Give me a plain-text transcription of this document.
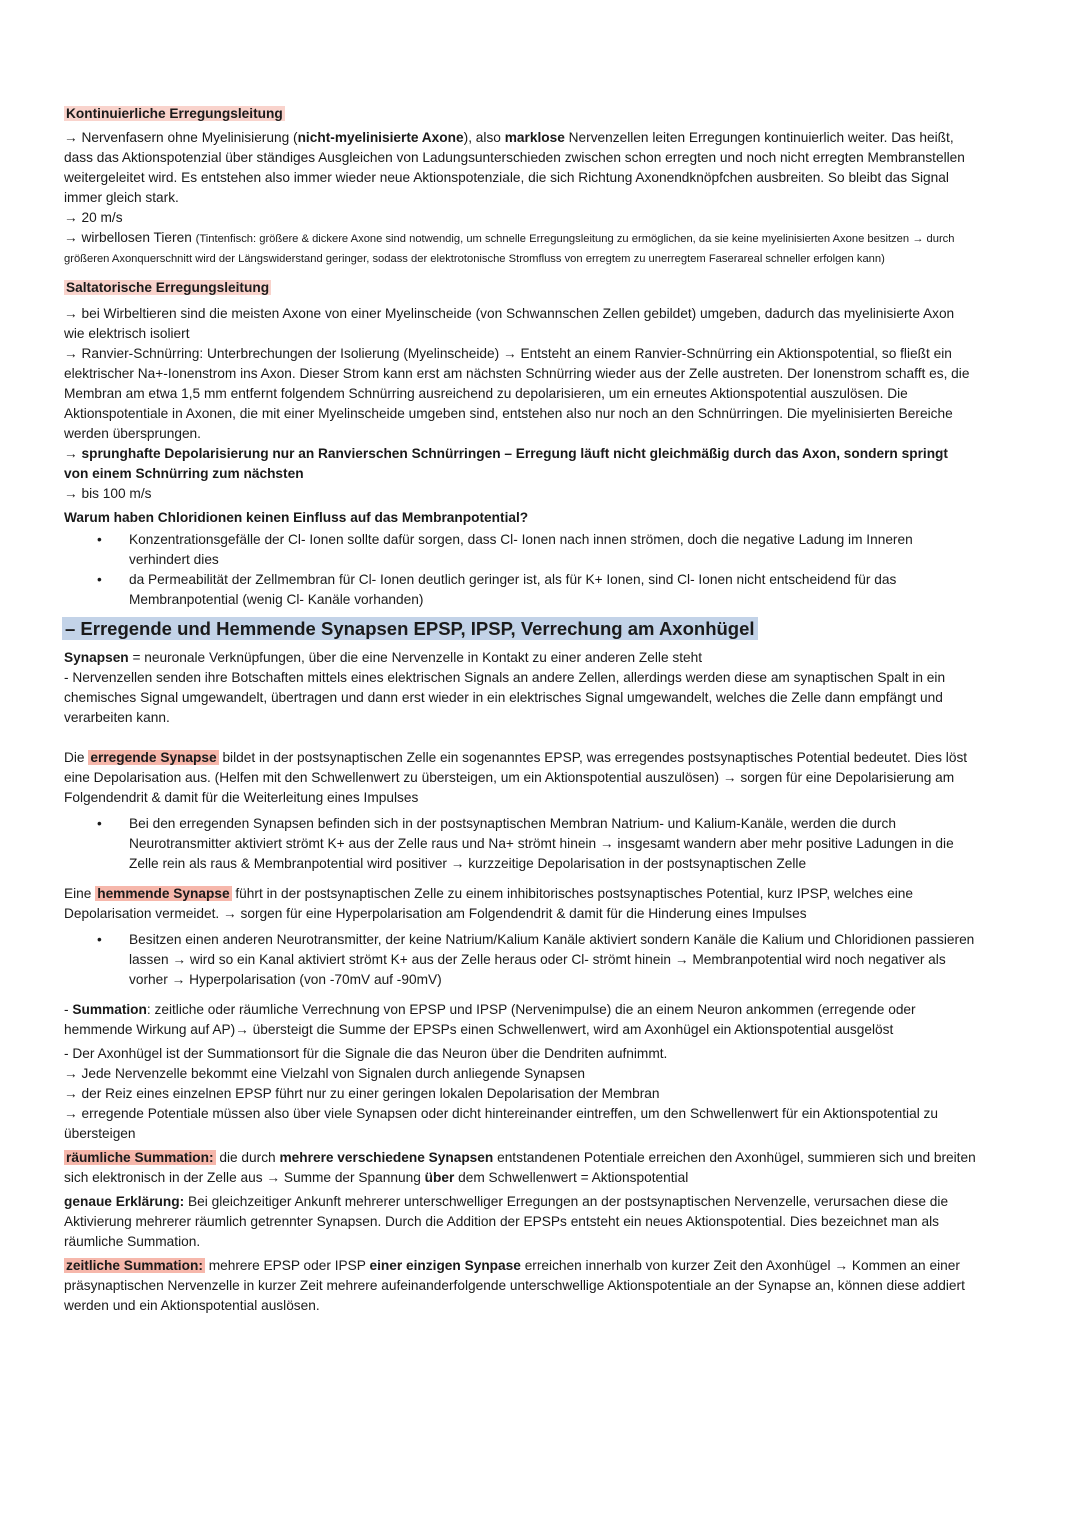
Kontinuierliche Erregungsleitung

→ Nervenfasern ohne Myelinisierung (nicht-myelinisierte Axone), also marklose Nervenzellen leiten Erregungen kontinuierlich weiter. Das heißt, dass das Aktionspotenzial über ständiges Ausgleichen von Ladungsunterschieden zwischen schon erregten und noch nicht erregten Membranstellen weitergeleitet wird. Es entstehen also immer wieder neue Aktionspotenziale, die sich Richtung Axonendknöpfchen ausbreiten. So bleibt das Signal immer gleich stark.

→ 20 m/s

→ wirbellosen Tieren (Tintenfisch: größere & dickere Axone sind notwendig, um schnelle Erregungsleitung zu ermöglichen, da sie keine myelinisierten Axone besitzen → durch größeren Axonquerschnitt wird der Längswiderstand geringer, sodass der elektrotonische Stromfluss von erregtem zu unerregtem Faserareal schneller erfolgen kann)

Saltatorische Erregungsleitung

→ bei Wirbeltieren sind die meisten Axone von einer Myelinscheide (von Schwannschen Zellen gebildet) umgeben, dadurch das myelinisierte Axon wie elektrisch isoliert

→ Ranvier-Schnürring: Unterbrechungen der Isolierung (Myelinscheide) → Entsteht an einem Ranvier-Schnürring ein Aktionspotential, so fließt ein elektrischer Na+-Ionenstrom ins Axon. Dieser Strom kann erst am nächsten Schnürring wieder aus der Zelle austreten. Der Ionenstrom schafft es, die Membran am etwa 1,5 mm entfernt folgendem Schnürring ausreichend zu depolarisieren, um ein erneutes Aktionspotential auszulösen. Die Aktionspotentiale in Axonen, die mit einer Myelinscheide umgeben sind, entstehen also nur noch an den Schnürringen. Die myelinisierten Bereiche werden übersprungen.

→ sprunghafte Depolarisierung nur an Ranvierschen Schnürringen – Erregung läuft nicht gleichmäßig durch das Axon, sondern springt von einem Schnürring zum nächsten

→ bis 100 m/s

Warum haben Chloridionen keinen Einfluss auf das Membranpotential?

• Konzentrationsgefälle der Cl- Ionen sollte dafür sorgen, dass Cl- Ionen nach innen strömen, doch die negative Ladung im Inneren verhindert dies
• da Permeabilität der Zellmembran für Cl- Ionen deutlich geringer ist, als für K+ Ionen, sind Cl- Ionen nicht entscheidend für das Membranpotential (wenig Cl- Kanäle vorhanden)

– Erregende und Hemmende Synapsen EPSP, IPSP, Verrechung am Axonhügel

Synapsen = neuronale Verknüpfungen, über die eine Nervenzelle in Kontakt zu einer anderen Zelle steht

- Nervenzellen senden ihre Botschaften mittels eines elektrischen Signals an andere Zellen, allerdings werden diese am synaptischen Spalt in ein chemisches Signal umgewandelt, übertragen und dann erst wieder in ein elektrisches Signal umgewandelt, welches die Zelle dann empfängt und verarbeiten kann.

Die erregende Synapse bildet in der postsynaptischen Zelle ein sogenanntes EPSP, was erregendes postsynaptisches Potential bedeutet. Dies löst eine Depolarisation aus. (Helfen mit den Schwellenwert zu übersteigen, um ein Aktionspotential auszulösen) → sorgen für eine Depolarisierung am Folgendendrit & damit für die Weiterleitung eines Impulses

• Bei den erregenden Synapsen befinden sich in der postsynaptischen Membran Natrium- und Kalium-Kanäle, werden die durch Neurotransmitter aktiviert strömt K+ aus der Zelle raus und Na+ strömt hinein → insgesamt wandern aber mehr positive Ladungen in die Zelle rein als raus & Membranpotential wird positiver → kurzzeitige Depolarisation in der postsynaptischen Zelle

Eine hemmende Synapse führt in der postsynaptischen Zelle zu einem inhibitorisches postsynaptisches Potential, kurz IPSP, welches eine Depolarisation vermeidet. → sorgen für eine Hyperpolarisation am Folgendendrit & damit für die Hinderung eines Impulses

• Besitzen einen anderen Neurotransmitter, der keine Natrium/Kalium Kanäle aktiviert sondern Kanäle die Kalium und Chloridionen passieren lassen → wird so ein Kanal aktiviert strömt K+ aus der Zelle heraus oder Cl- strömt hinein → Membranpotential wird noch negativer als vorher → Hyperpolarisation (von -70mV auf -90mV)

- Summation: zeitliche oder räumliche Verrechnung von EPSP und IPSP (Nervenimpulse) die an einem Neuron ankommen (erregende oder hemmende Wirkung auf AP)→ übersteigt die Summe der EPSPs einen Schwellenwert, wird am Axonhügel ein Aktionspotential ausgelöst

- Der Axonhügel ist der Summationsort für die Signale die das Neuron über die Dendriten aufnimmt.

→ Jede Nervenzelle bekommt eine Vielzahl von Signalen durch anliegende Synapsen

→ der Reiz eines einzelnen EPSP führt nur zu einer geringen lokalen Depolarisation der Membran

→ erregende Potentiale müssen also über viele Synapsen oder dicht hintereinander eintreffen, um den Schwellenwert für ein Aktionspotential zu übersteigen

räumliche Summation: die durch mehrere verschiedene Synapsen entstandenen Potentiale erreichen den Axonhügel, summieren sich und breiten sich elektronisch in der Zelle aus → Summe der Spannung über dem Schwellenwert = Aktionspotential

genaue Erklärung: Bei gleichzeitiger Ankunft mehrerer unterschwelliger Erregungen an der postsynaptischen Nervenzelle, verursachen diese die Aktivierung mehrerer räumlich getrennter Synapsen. Durch die Addition der EPSPs entsteht ein neues Aktionspotential. Dies bezeichnet man als räumliche Summation.

zeitliche Summation: mehrere EPSP oder IPSP einer einzigen Synpase erreichen innerhalb von kurzer Zeit den Axonhügel → Kommen an einer präsynaptischen Nervenzelle in kurzer Zeit mehrere aufeinanderfolgende unterschwellige Aktionspotentiale an der Synapse an, können diese addiert werden und ein Aktionspotential auslösen.
